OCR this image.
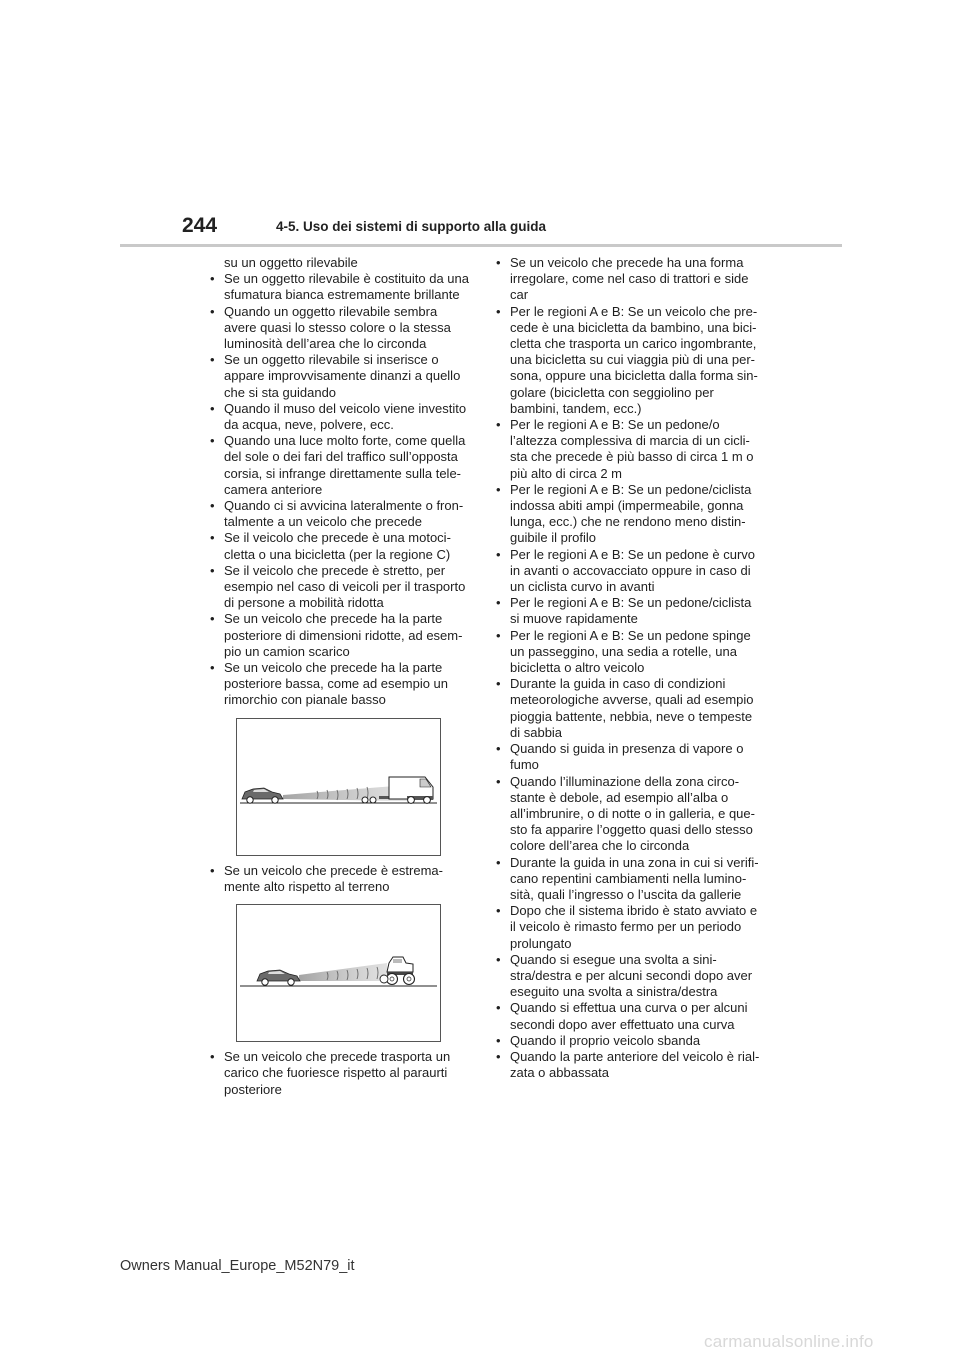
244	4-5. Uso dei sistemi di supporto alla guida

su un oggetto rilevabile

• Se un oggetto rilevabile è costituito da una sfumatura bianca estremamente brillante
• Quando un oggetto rilevabile sembra avere quasi lo stesso colore o la stessa luminosità dell’area che lo circonda
• Se un oggetto rilevabile si inserisce o appare improvvisamente dinanzi a quello che si sta guidando
• Quando il muso del veicolo viene investito da acqua, neve, polvere, ecc.
• Quando una luce molto forte, come quella del sole o dei fari del traffico sull’opposta corsia, si infrange direttamente sulla tele-camera anteriore
• Quando ci si avvicina lateralmente o fron-talmente a un veicolo che precede
• Se il veicolo che precede è una motoci-cletta o una bicicletta (per la regione C)
• Se il veicolo che precede è stretto, per esempio nel caso di veicoli per il trasporto di persone a mobilità ridotta
• Se un veicolo che precede ha la parte posteriore di dimensioni ridotte, ad esem-pio un camion scarico
• Se un veicolo che precede ha la parte posteriore bassa, come ad esempio un rimorchio con pianale basso
• Se un veicolo che precede è estrema-mente alto rispetto al terreno
• Se un veicolo che precede trasporta un carico che fuoriesce rispetto al paraurti posteriore
• Se un veicolo che precede ha una forma irregolare, come nel caso di trattori e side car
• Per le regioni A e B: Se un veicolo che pre-cede è una bicicletta da bambino, una bici-cletta che trasporta un carico ingombrante, una bicicletta su cui viaggia più di una per-sona, oppure una bicicletta dalla forma sin-golare (bicicletta con seggiolino per bambini, tandem, ecc.)
• Per le regioni A e B: Se un pedone/o l’altezza complessiva di marcia di un cicli-sta che precede è più basso di circa 1 m o più alto di circa 2 m
• Per le regioni A e B: Se un pedone/ciclista indossa abiti ampi (impermeabile, gonna lunga, ecc.) che ne rendono meno distin-guibile il profilo
• Per le regioni A e B: Se un pedone è curvo in avanti o accovacciato oppure in caso di un ciclista curvo in avanti
• Per le regioni A e B: Se un pedone/ciclista si muove rapidamente
• Per le regioni A e B: Se un pedone spinge un passeggino, una sedia a rotelle, una bicicletta o altro veicolo
• Durante la guida in caso di condizioni meteorologiche avverse, quali ad esempio pioggia battente, nebbia, neve o tempeste di sabbia
• Quando si guida in presenza di vapore o fumo
• Quando l’illuminazione della zona circo-stante è debole, ad esempio all’alba o all’imbrunire, o di notte o in galleria, e que-sto fa apparire l’oggetto quasi dello stesso colore dell’area che lo circonda
• Durante la guida in una zona in cui si verifi-cano repentini cambiamenti nella lumino-sità, quali l’ingresso o l’uscita da gallerie
• Dopo che il sistema ibrido è stato avviato e il veicolo è rimasto fermo per un periodo prolungato
• Quando si esegue una svolta a sini-stra/destra e per alcuni secondi dopo aver eseguito una svolta a sinistra/destra
• Quando si effettua una curva o per alcuni secondi dopo aver effettuato una curva
• Quando il proprio veicolo sbanda
• Quando la parte anteriore del veicolo è rial-zata o abbassata
Owners Manual_Europe_M52N79_it
carmanualsonline.info
